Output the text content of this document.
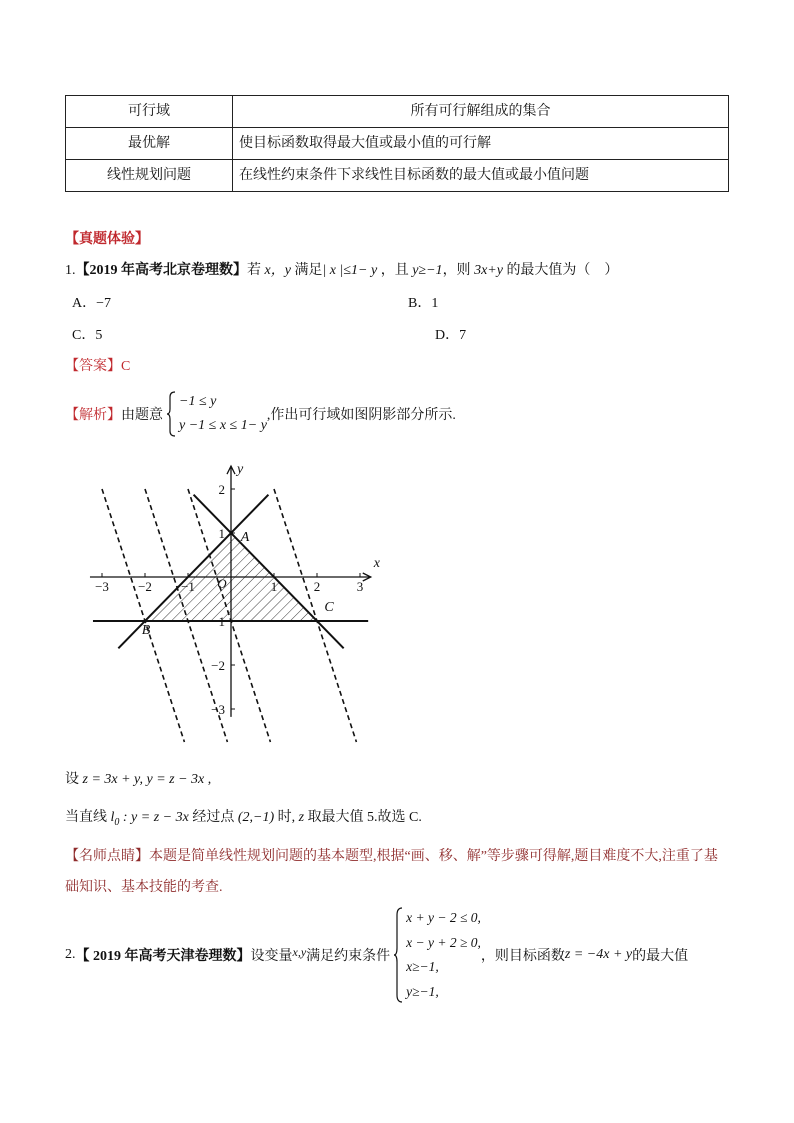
可行域	所有可行解组成的集合
最优解	使目标函数取得最大值或最小值的可行解
线性规划问题	在线性约束条件下求线性目标函数的最大值或最小值问题
【真题体验】
1.【2019 年高考北京卷理数】若 x，y 满足| x |≤1− y ，且 y≥−1，则 3x+y 的最大值为（　）
A．−7	B．1
C．5	D．7
【答案】C
【解析】 由题意
−1 ≤ y
y −1 ≤ x ≤ 1− y
,作出可行域如图阴影部分所示.
−3 −2 −1	1	2	3
2
1
−1
−2
−3
x
y
O
A
B
C
设 z = 3x + y, y = z − 3x ,
当直线 $l_0$ : y = z − 3x 经过点 (2,−1) 时, z 取最大值 5.故选 C.
【名师点睛】本题是简单线性规划问题的基本题型,根据“画、移、解”等步骤可得解,题目难度不大,注重了基础知识、基本技能的考查.
2. 【 2019 年高考天津卷理数】 设变量 x,y 满足约束条件
x + y − 2 ≤ 0,
x − y + 2 ≥ 0,
x≥−1,
y≥−1,
，则目标函数 z = −4x + y 的最大值
